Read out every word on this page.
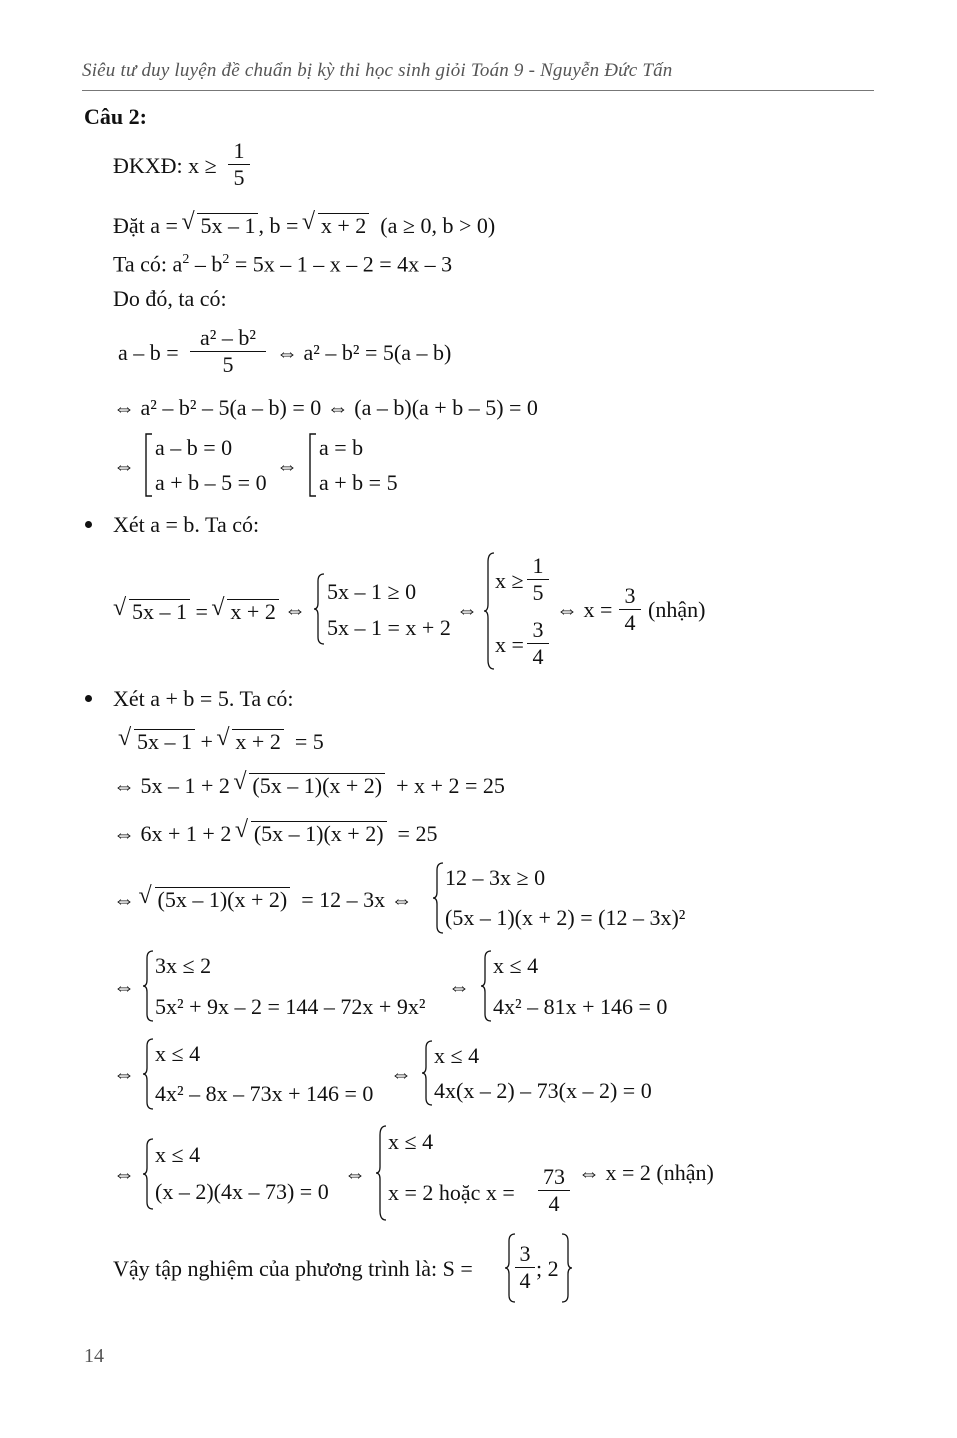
Siêu tư duy luyện đề chuẩn bị kỳ thi học sinh giỏi Toán 9 - Nguyễn Đức Tấn
Câu 2:
ĐKXĐ: x ≥
1
5
Đặt a = √ 5x – 1 , b = √ x + 2 (a ≥ 0, b > 0)
Ta có: $a^2 - b^2 = 5x - 1 - x - 2 = 4x - 3$
Do đó, ta có:
a – b =
a² – b²
5	⇔ a² – b² = 5(a – b)
⇔ a² – b² – 5(a – b) = 0 ⇔ (a – b)(a + b – 5) = 0
⇔
a – b = 0
a + b – 5 = 0
⇔
a = b
a + b = 5
Xét a = b. Ta có:
√ 5x – 1 = √ x + 2 ⇔
5x – 1 ≥ 0
5x – 1 = x + 2
⇔
x ≥
1
5
x =
3
4
⇔ x =
3
4
(nhận)
Xét a + b = 5. Ta có:
√ 5x – 1 + √ x + 2 = 5
⇔ 5x – 1 + 2 √ (5x – 1)(x + 2) + x + 2 = 25
⇔ 6x + 1 + 2 √ (5x – 1)(x + 2) = 25
⇔ √ (5x – 1)(x + 2) = 12 – 3x ⇔
12 – 3x ≥ 0
(5x – 1)(x + 2) = (12 – 3x)²
⇔
3x ≤ 2
5x² + 9x – 2 = 144 – 72x + 9x²
⇔
x ≤ 4
4x² – 81x + 146 = 0
⇔
x ≤ 4
4x² – 8x – 73x + 146 = 0
⇔
x ≤ 4
4x(x – 2) – 73(x – 2) = 0
⇔
x ≤ 4
(x – 2)(4x – 73) = 0
⇔
x ≤ 4
x = 2 hoặc x =
73
4
⇔ x = 2 (nhận)
Vậy tập nghiệm của phương trình là: S =
3
4 ; 2
14
